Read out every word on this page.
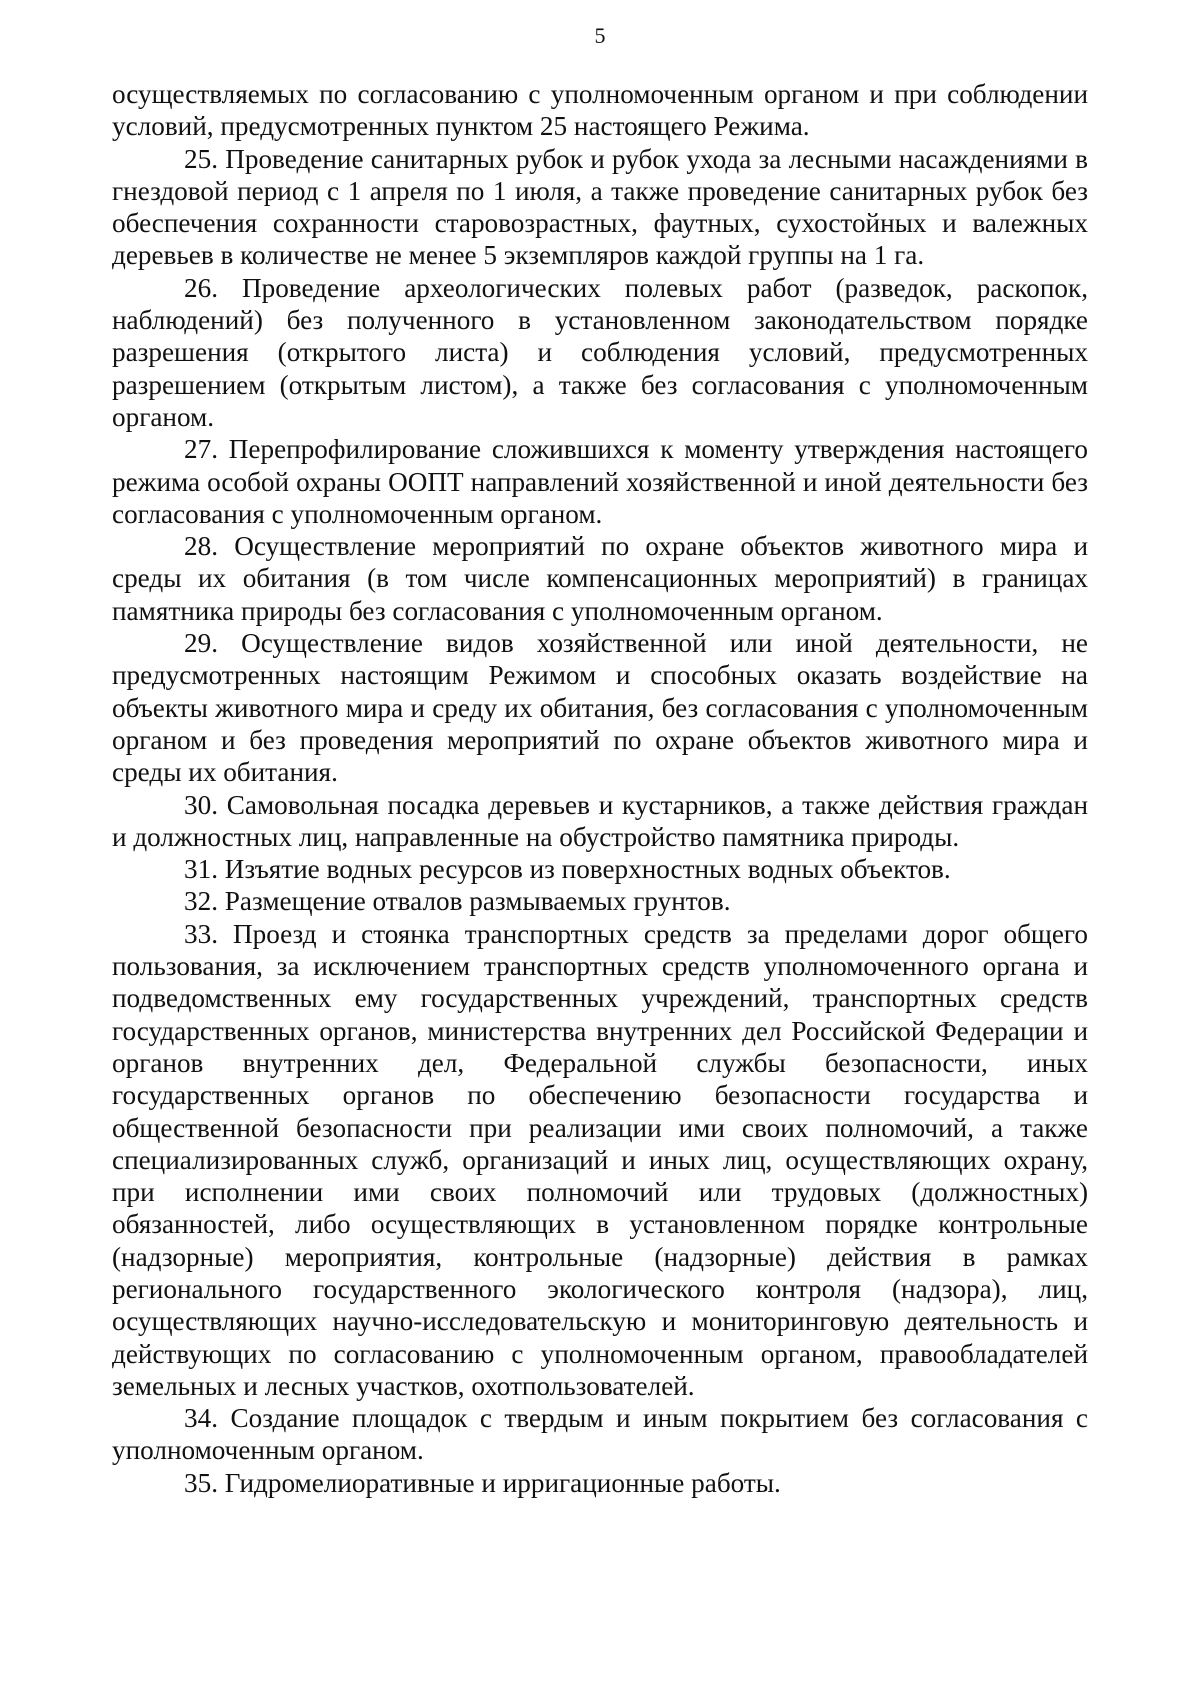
5

осуществляемых по согласованию с уполномоченным органом и при соблюдении условий, предусмотренных пунктом 25 настоящего Режима.

25. Проведение санитарных рубок и рубок ухода за лесными насаждениями в гнездовой период с 1 апреля по 1 июля, а также проведение санитарных рубок без обеспечения сохранности старовозрастных, фаутных, сухостойных и валежных деревьев в количестве не менее 5 экземпляров каждой группы на 1 га.

26. Проведение археологических полевых работ (разведок, раскопок, наблюдений) без полученного в установленном законодательством порядке разрешения (открытого листа) и соблюдения условий, предусмотренных разрешением (открытым листом), а также без согласования с уполномоченным органом.

27. Перепрофилирование сложившихся к моменту утверждения настоящего режима особой охраны ООПТ направлений хозяйственной и иной деятельности без согласования с уполномоченным органом.

28. Осуществление мероприятий по охране объектов животного мира и среды их обитания (в том числе компенсационных мероприятий) в границах памятника природы без согласования с уполномоченным органом.

29. Осуществление видов хозяйственной или иной деятельности, не предусмотренных настоящим Режимом и способных оказать воздействие на объекты животного мира и среду их обитания, без согласования с уполномоченным органом и без проведения мероприятий по охране объектов животного мира и среды их обитания.

30. Самовольная посадка деревьев и кустарников, а также действия граждан и должностных лиц, направленные на обустройство памятника природы.

31. Изъятие водных ресурсов из поверхностных водных объектов.

32. Размещение отвалов размываемых грунтов.

33. Проезд и стоянка транспортных средств за пределами дорог общего пользования, за исключением транспортных средств уполномоченного органа и подведомственных ему государственных учреждений, транспортных средств государственных органов, министерства внутренних дел Российской Федерации и органов внутренних дел, Федеральной службы безопасности, иных государственных органов по обеспечению безопасности государства и общественной безопасности при реализации ими своих полномочий, а также специализированных служб, организаций и иных лиц, осуществляющих охрану, при исполнении ими своих полномочий или трудовых (должностных) обязанностей, либо осуществляющих в установленном порядке контрольные (надзорные) мероприятия, контрольные (надзорные) действия в рамках регионального государственного экологического контроля (надзора), лиц, осуществляющих научно-исследовательскую и мониторинговую деятельность и действующих по согласованию с уполномоченным органом, правообладателей земельных и лесных участков, охотпользователей.

34. Создание площадок с твердым и иным покрытием без согласования с уполномоченным органом.

35. Гидромелиоративные и ирригационные работы.
